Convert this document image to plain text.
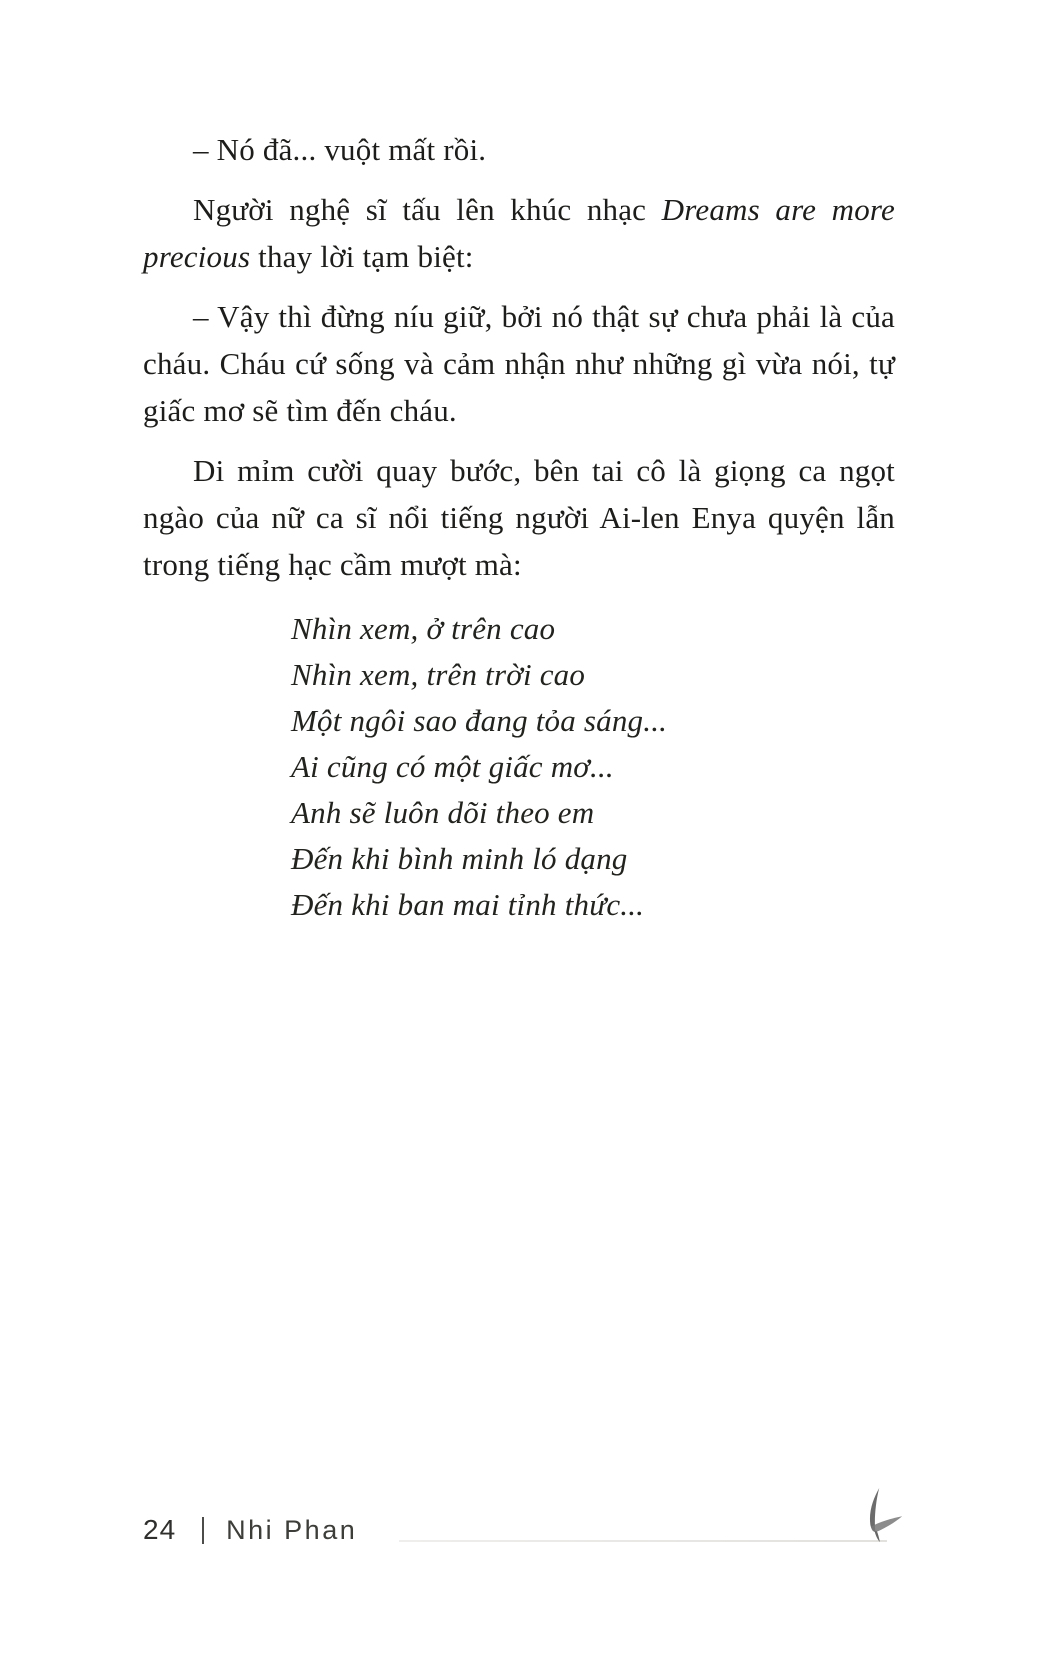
– Nó đã... vuột mất rồi.

Người nghệ sĩ tấu lên khúc nhạc Dreams are more precious thay lời tạm biệt:

– Vậy thì đừng níu giữ, bởi nó thật sự chưa phải là của cháu. Cháu cứ sống và cảm nhận như những gì vừa nói, tự giấc mơ sẽ tìm đến cháu.

Di mỉm cười quay bước, bên tai cô là giọng ca ngọt ngào của nữ ca sĩ nổi tiếng người Ai-len Enya quyện lẫn trong tiếng hạc cầm mượt mà:

Nhìn xem, ở trên cao
Nhìn xem, trên trời cao
Một ngôi sao đang tỏa sáng...
Ai cũng có một giấc mơ...
Anh sẽ luôn dõi theo em
Đến khi bình minh ló dạng
Đến khi ban mai tỉnh thức...
24 Nhi Phan
